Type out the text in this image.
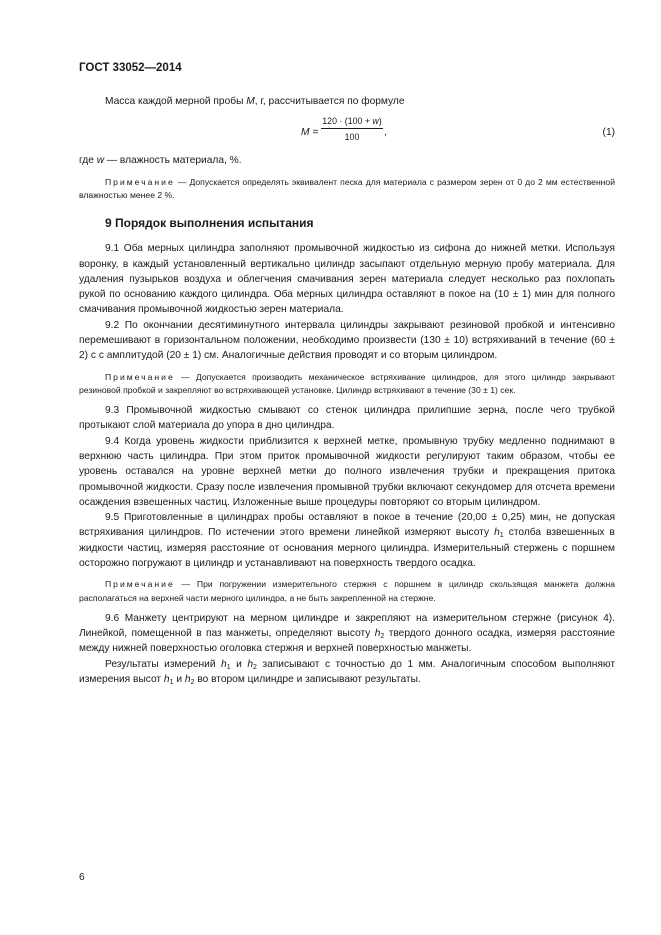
ГОСТ 33052—2014

Масса каждой мерной пробы M, г, рассчитывается по формуле

$M = \frac{120 \cdot (100 + w)}{100}$ ,	(1)

где w — влажность материала, %.

Примечание — Допускается определять эквивалент песка для материала с размером зерен от 0 до 2 мм естественной влажностью менее 2 %.

9 Порядок выполнения испытания

9.1 Оба мерных цилиндра заполняют промывочной жидкостью из сифона до нижней метки. Используя воронку, в каждый установленный вертикально цилиндр засыпают отдельную мерную пробу материала. Для удаления пузырьков воздуха и облегчения смачивания зерен материала следует несколько раз похлопать рукой по основанию каждого цилиндра. Оба мерных цилиндра оставляют в покое на (10 ± 1) мин для полного смачивания промывочной жидкостью зерен материала.

9.2 По окончании десятиминутного интервала цилиндры закрывают резиновой пробкой и интенсивно перемешивают в горизонтальном положении, необходимо произвести (130 ± 10) встряхиваний в течение (60 ± 2) с с амплитудой (20 ± 1) см. Аналогичные действия проводят и со вторым цилиндром.

Примечание — Допускается производить механическое встряхивание цилиндров, для этого цилиндр закрывают резиновой пробкой и закрепляют во встряхивающей установке. Цилиндр встряхивают в течение (30 ± 1) сек.

9.3 Промывочной жидкостью смывают со стенок цилиндра прилипшие зерна, после чего трубкой протыкают слой материала до упора в дно цилиндра.

9.4 Когда уровень жидкости приблизится к верхней метке, промывную трубку медленно поднимают в верхнюю часть цилиндра. При этом приток промывочной жидкости регулируют таким образом, чтобы ее уровень оставался на уровне верхней метки до полного извлечения трубки и прекращения притока промывочной жидкости. Сразу после извлечения промывной трубки включают секундомер для отсчета времени осаждения взвешенных частиц. Изложенные выше процедуры повторяют со вторым цилиндром.

9.5 Приготовленные в цилиндрах пробы оставляют в покое в течение (20,00 ± 0,25) мин, не допуская встряхивания цилиндров. По истечении этого времени линейкой измеряют высоту $h_1$ столба взвешенных в жидкости частиц, измеряя расстояние от основания мерного цилиндра. Измерительный стержень с поршнем осторожно погружают в цилиндр и устанавливают на поверхность твердого осадка.

Примечание — При погружении измерительного стержня с поршнем в цилиндр скользящая манжета должна располагаться на верхней части мерного цилиндра, а не быть закрепленной на стержне.

9.6 Манжету центрируют на мерном цилиндре и закрепляют на измерительном стержне (рисунок 4). Линейкой, помещенной в паз манжеты, определяют высоту $h_2$ твердого донного осадка, измеряя расстояние между нижней поверхностью оголовка стержня и верхней поверхностью манжеты.

Результаты измерений $h_1$ и $h_2$ записывают с точностью до 1 мм. Аналогичным способом выполняют измерения высот $h_1$ и $h_2$ во втором цилиндре и записывают результаты.

6
